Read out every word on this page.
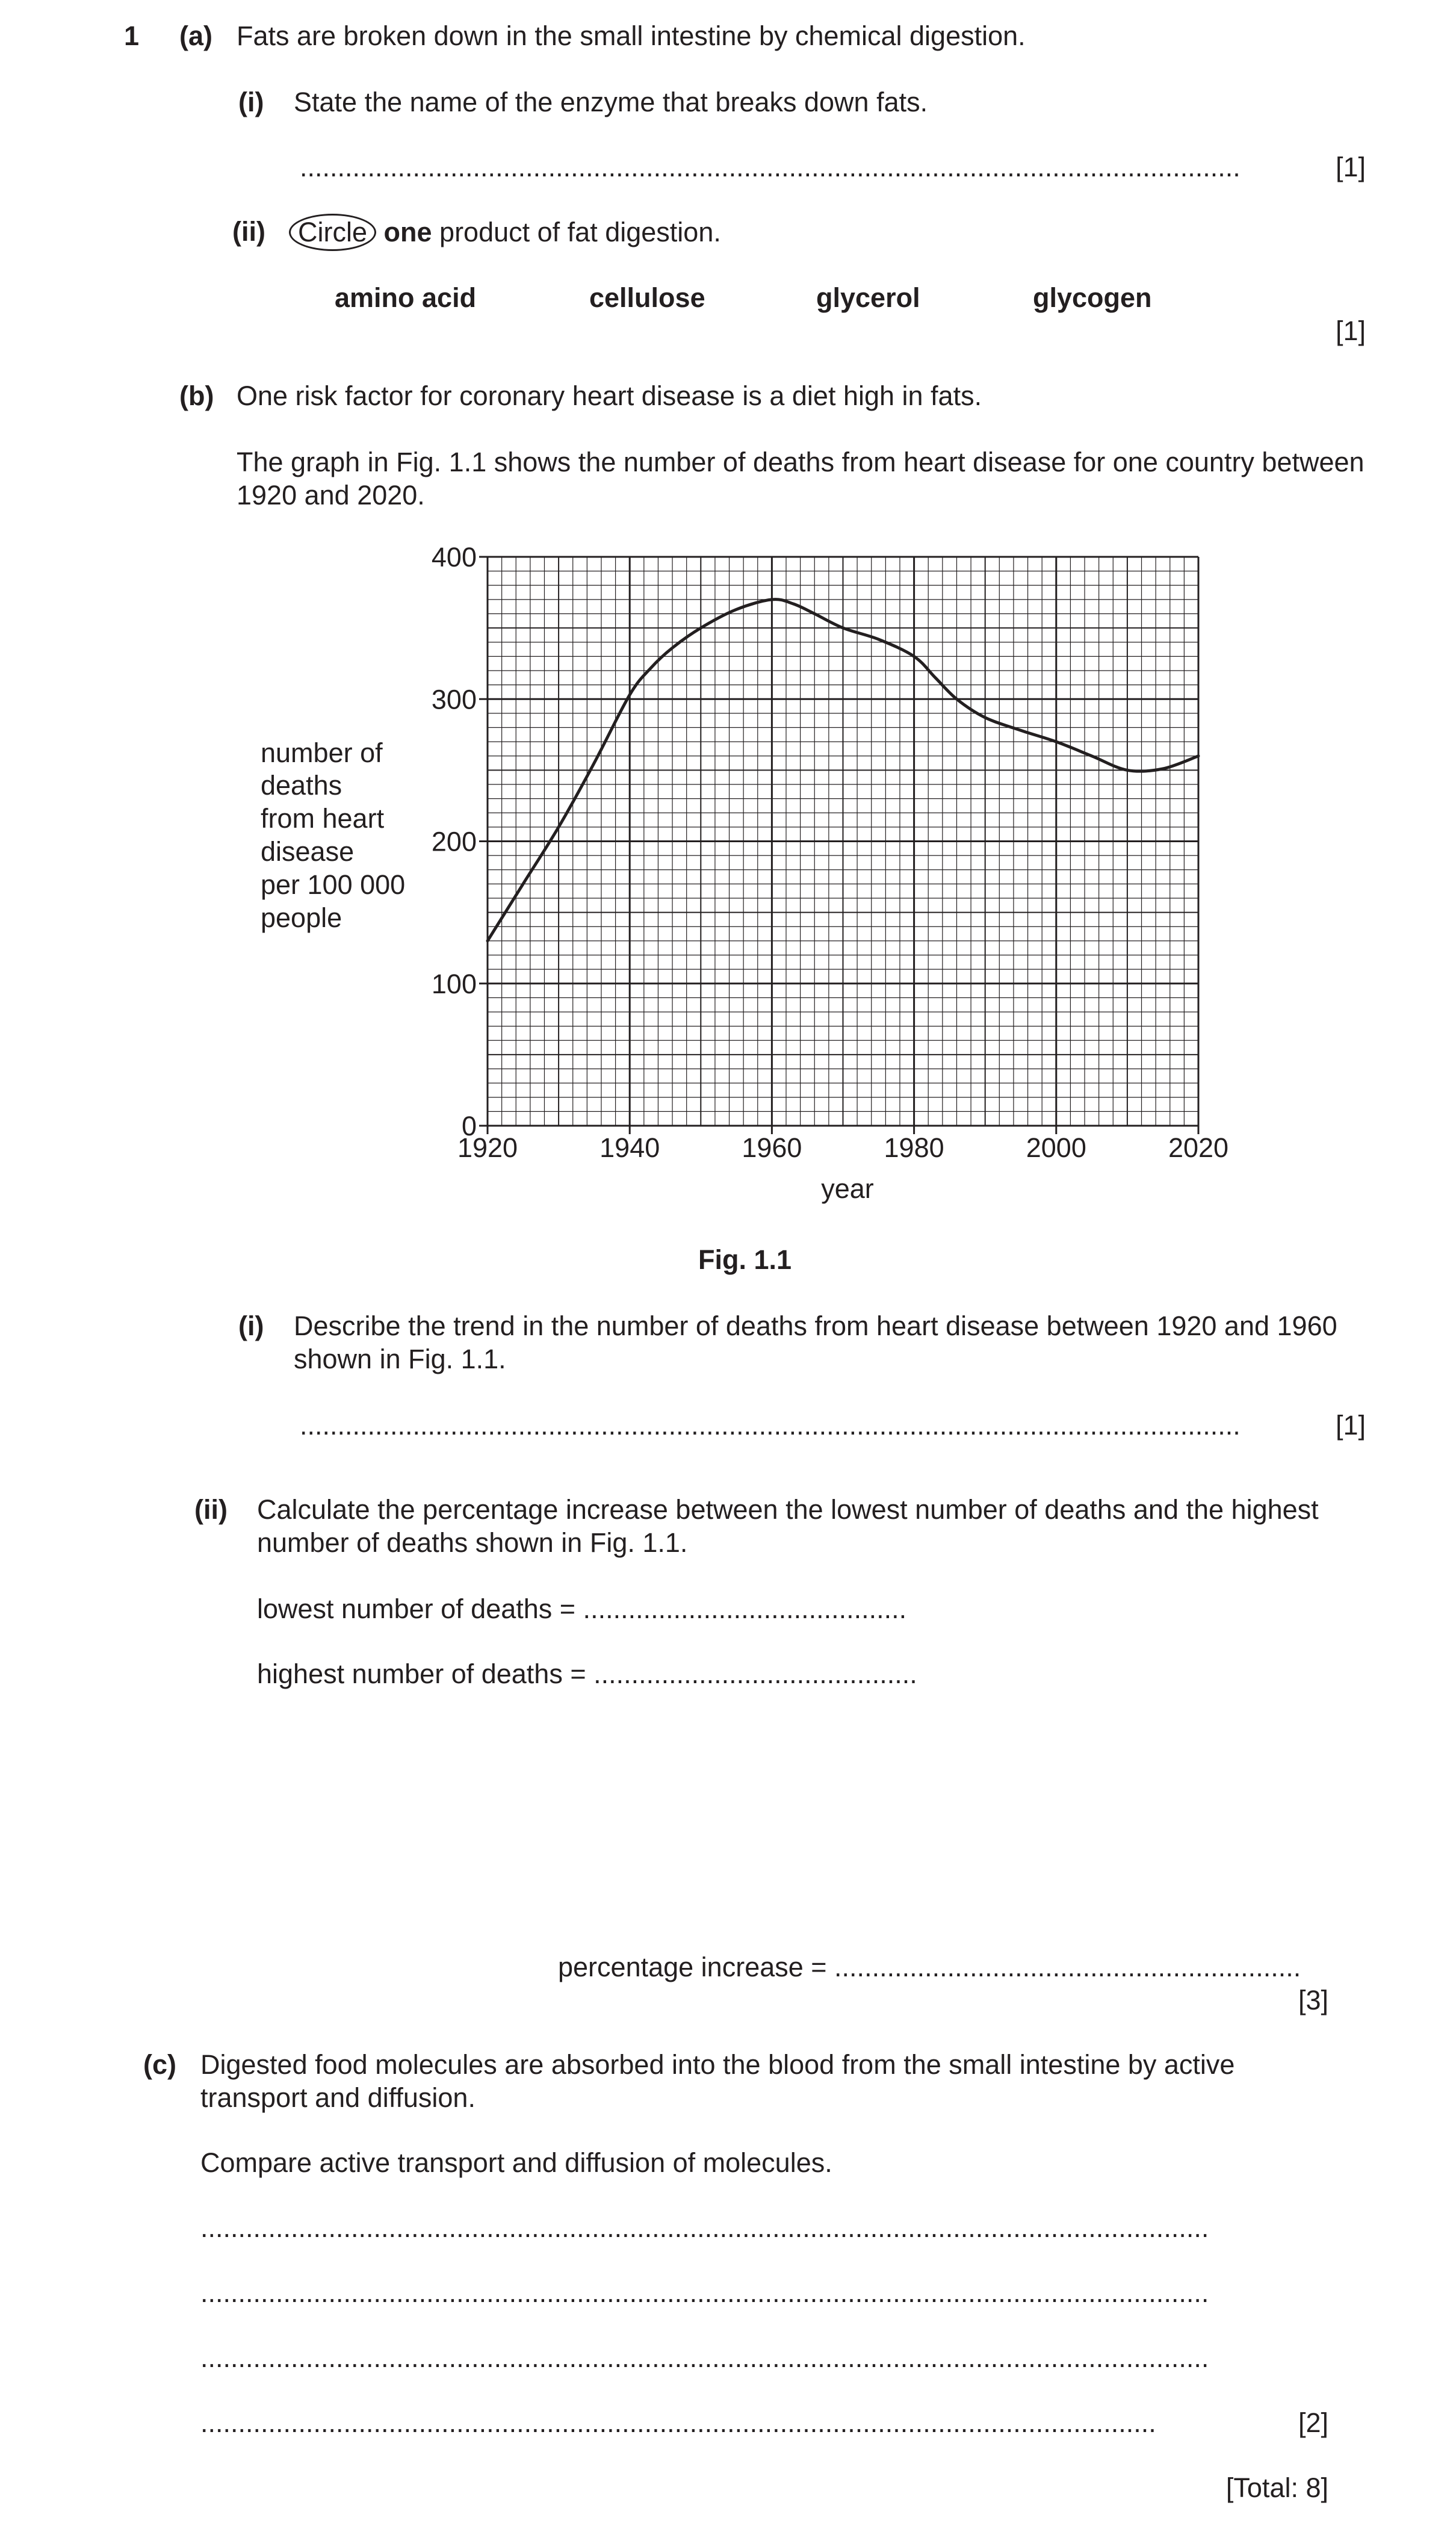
1 (a) Fats are broken down in the small intestine by chemical digestion.
(i) State the name of the enzyme that breaks down fats.
.............................................................................................................................	[1]
(ii) Circle one product of fat digestion.
amino acid	cellulose	glycerol	glycogen
[1]
(b) One risk factor for coronary heart disease is a diet high in fats.
The graph in Fig. 1.1 shows the number of deaths from heart disease for one country between
1920 and 2020.
1920	1940	1960	1980	2000	2020
0
100
200
300
400
year
number of
deaths
from heart
disease
per 100 000
people
Fig. 1.1
(i) Describe the trend in the number of deaths from heart disease between 1920 and 1960
shown in Fig. 1.1.
.............................................................................................................................	[1]
(ii) Calculate the percentage increase between the lowest number of deaths and the highest
number of deaths shown in Fig. 1.1.
lowest number of deaths = ...........................................
highest number of deaths = ...........................................
percentage increase = ..............................................................
[3]
(c) Digested food molecules are absorbed into the blood from the small intestine by active
transport and diffusion.
Compare active transport and diffusion of molecules.
......................................................................................................................................
......................................................................................................................................
......................................................................................................................................
...............................................................................................................................	[2]
[Total: 8]
